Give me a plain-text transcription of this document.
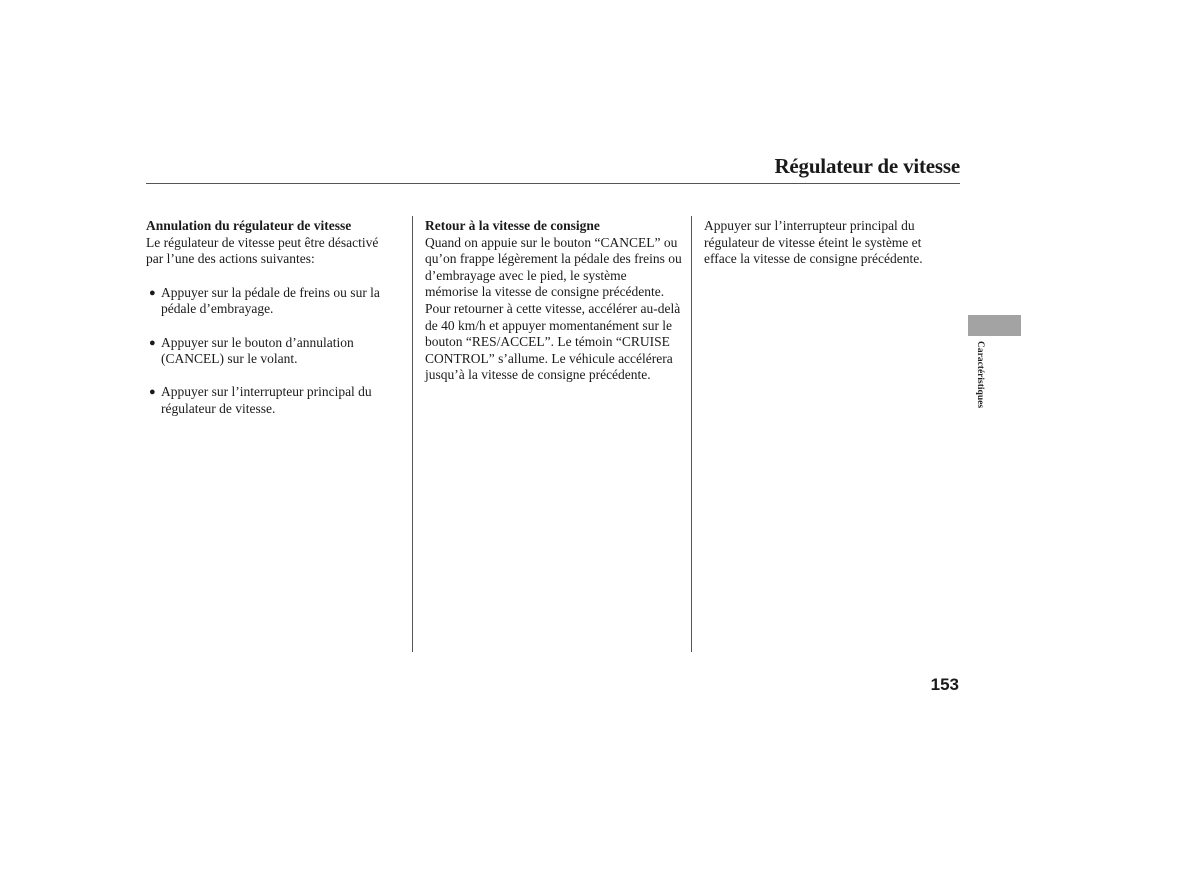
Régulateur de vitesse

Annulation du régulateur de vitesse

Le régulateur de vitesse peut être désactivé par l’une des actions suivantes:

● Appuyer sur la pédale de freins ou sur la pédale d’embrayage.
● Appuyer sur le bouton d’annulation (CANCEL) sur le volant.
● Appuyer sur l’interrupteur principal du régulateur de vitesse.

Retour à la vitesse de consigne

Quand on appuie sur le bouton “CANCEL” ou qu’on frappe légèrement la pédale des freins ou d’embrayage avec le pied, le système mémorise la vitesse de consigne précédente. Pour retourner à cette vitesse, accélérer au-delà de 40 km/h et appuyer momentanément sur le bouton “RES/ACCEL”. Le témoin “CRUISE CONTROL” s’allume. Le véhicule accélérera jusqu’à la vitesse de consigne précédente.

Appuyer sur l’interrupteur principal du régulateur de vitesse éteint le système et efface la vitesse de consigne précédente.

Caractéristiques
153
